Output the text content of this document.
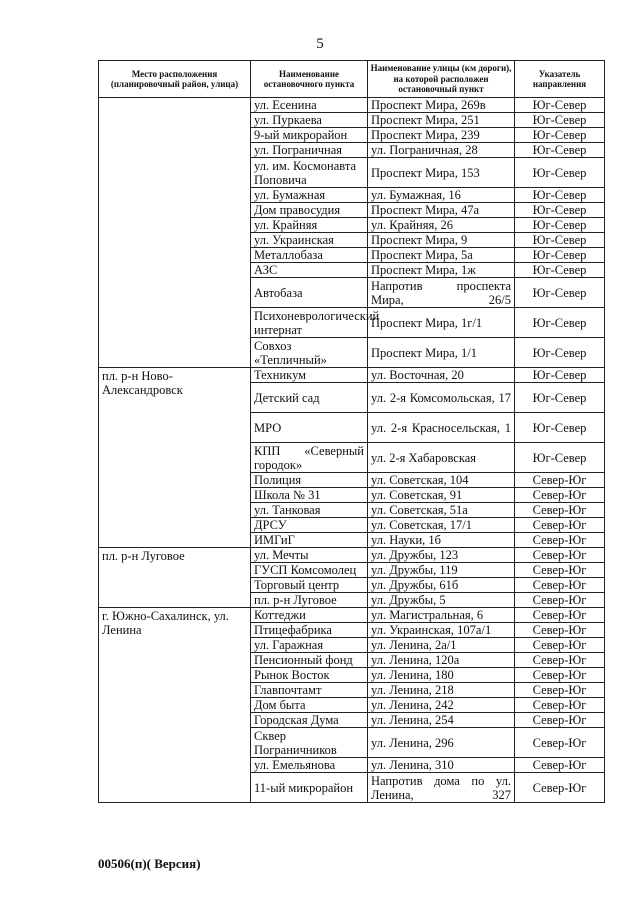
5
Место расположения (планировочный район, улица)	Наименование остановочного пункта	Наименование улицы (км дороги), на которой расположен остановочный пункт	Указатель направления
	ул. Есенина	Проспект Мира, 269в	Юг-Север
	ул. Пуркаева	Проспект Мира, 251	Юг-Север
	9-ый микрорайон	Проспект Мира, 239	Юг-Север
	ул. Пограничная	ул. Пограничная, 28	Юг-Север
	ул. им. Космонавта Поповича	Проспект Мира, 153	Юг-Север
	ул. Бумажная	ул. Бумажная, 16	Юг-Север
	Дом правосудия	Проспект Мира, 47а	Юг-Север
	ул. Крайняя	ул. Крайняя, 26	Юг-Север
	ул. Украинская	Проспект Мира, 9	Юг-Север
	Металлобаза	Проспект Мира, 5а	Юг-Север
	АЗС	Проспект Мира, 1ж	Юг-Север
	Автобаза	Напротив проспекта Мира, 26/5	Юг-Север
	Психоневрологический интернат	Проспект Мира, 1г/1	Юг-Север
	Совхоз «Тепличный»	Проспект Мира, 1/1	Юг-Север
пл. р-н Ново-Александровск	Техникум	ул. Восточная, 20	Юг-Север
	Детский сад	ул. 2-я Комсомольская, 17	Юг-Север
	МРО	ул. 2-я Красносельская, 1	Юг-Север
	КПП «Северный городок»	ул. 2-я Хабаровская	Юг-Север
	Полиция	ул. Советская, 104	Север-Юг
	Школа № 31	ул. Советская, 91	Север-Юг
	ул. Танковая	ул. Советская, 51а	Север-Юг
	ДРСУ	ул. Советская, 17/1	Север-Юг
	ИМГиГ	ул. Науки, 1б	Север-Юг
пл. р-н Луговое	ул. Мечты	ул. Дружбы, 123	Север-Юг
	ГУСП Комсомолец	ул. Дружбы, 119	Север-Юг
	Торговый центр	ул. Дружбы, 61б	Север-Юг
	пл. р-н Луговое	ул. Дружбы, 5	Север-Юг
г. Южно-Сахалинск, ул. Ленина	Коттеджи	ул. Магистральная, 6	Север-Юг
	Птицефабрика	ул. Украинская, 107а/1	Север-Юг
	ул. Гаражная	ул. Ленина, 2а/1	Север-Юг
	Пенсионный фонд	ул. Ленина, 120а	Север-Юг
	Рынок Восток	ул. Ленина, 180	Север-Юг
	Главпочтамт	ул. Ленина, 218	Север-Юг
	Дом быта	ул. Ленина, 242	Север-Юг
	Городская Дума	ул. Ленина, 254	Север-Юг
	Сквер Пограничников	ул. Ленина, 296	Север-Юг
	ул. Емельянова	ул. Ленина, 310	Север-Юг
	11-ый микрорайон	Напротив дома по ул. Ленина, 327	Север-Юг
00506(п)( Версия)
